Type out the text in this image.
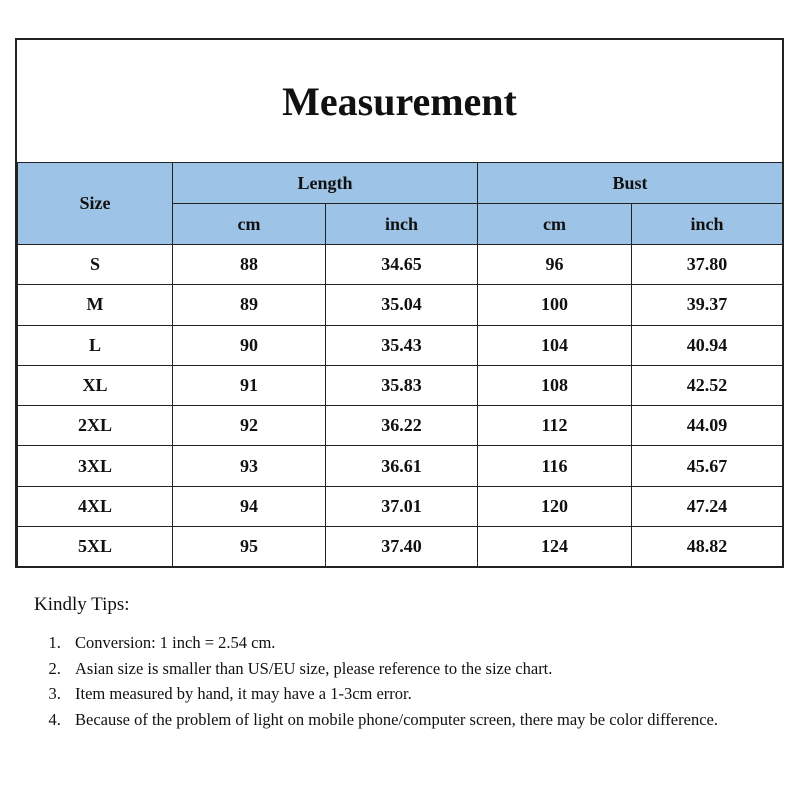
Measurement
Size	Length		Bust	
	cm	inch	cm	inch
S	88	34.65	96	37.80
M	89	35.04	100	39.37
L	90	35.43	104	40.94
XL	91	35.83	108	42.52
2XL	92	36.22	112	44.09
3XL	93	36.61	116	45.67
4XL	94	37.01	120	47.24
5XL	95	37.40	124	48.82
Kindly Tips:
1. Conversion: 1 inch = 2.54 cm.
2. Asian size is smaller than US/EU size, please reference to the size chart.
3. Item measured by hand, it may have a 1-3cm error.
4. Because of the problem of light on mobile phone/computer screen, there may be color difference.
